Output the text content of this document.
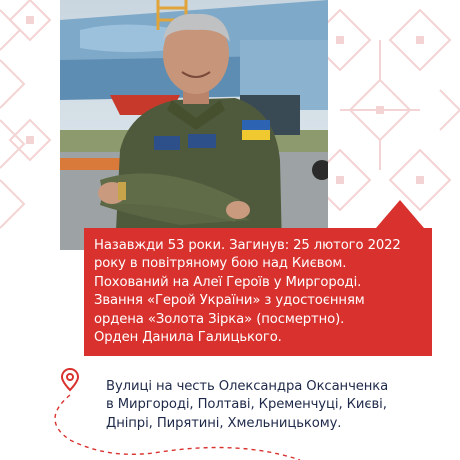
Назавжди 53 роки. Загинув: 25 лютого 2022
року в повітряному бою над Києвом.
Похований на Алеї Героїв у Миргороді.
Звання «Герой України» з удостоєнням
ордена «Золота Зірка» (посмертно).
Орден Данила Галицького.

Вулиці на честь Олександра Оксанченка
в Миргороді, Полтаві, Кременчуці, Києві,
Дніпрі, Пирятині, Хмельницькому.
